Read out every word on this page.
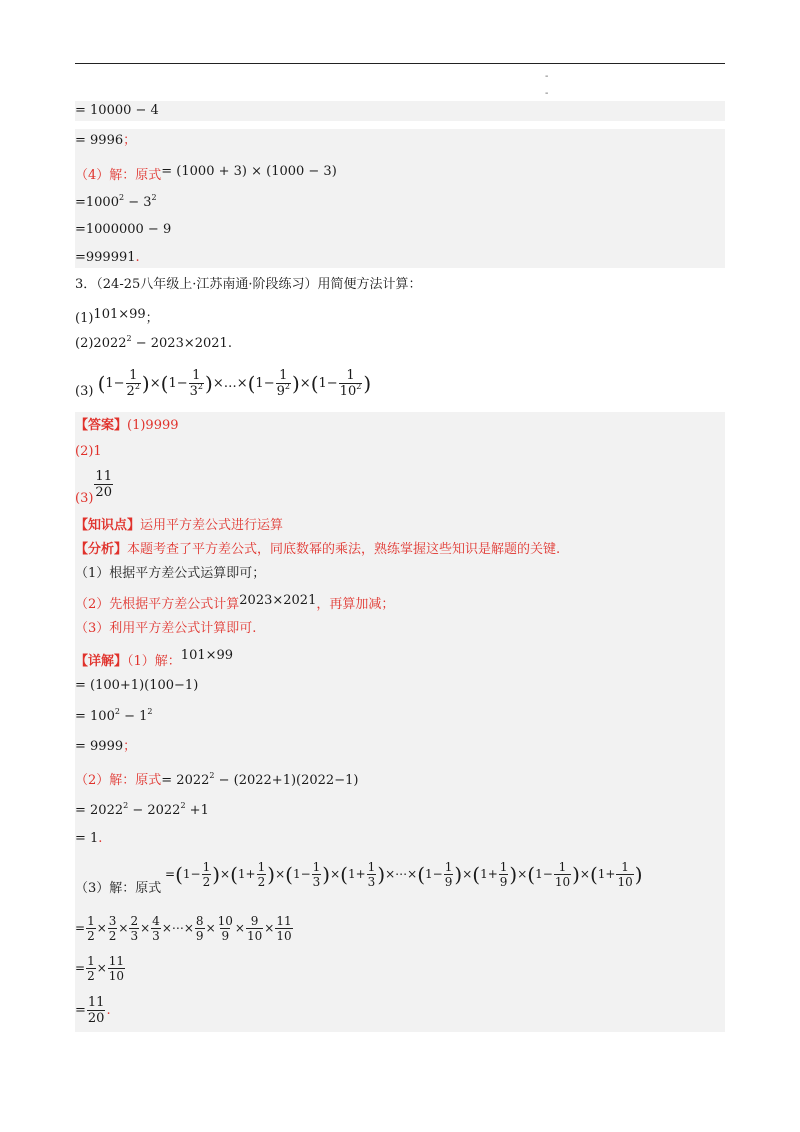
-
-
= 10000 − 4
= 9996；
（4）解：原式= (1000 + 3) × (1000 − 3)
$=1000^2 - 3^2$
=1000000 − 9
=999991.
3．（24-25八年级上·江苏南通·阶段练习）用简便方法计算：
(1)101×99；
$(2)2022^2 - 2023\times 2021$.
(3) $(1- \frac{1}{2^2} )\times(1- \frac{1}{3^2}$ )×…×(1− $\frac{1}{9^2} )\times(1- \frac{1}{10^2}$ )
【答案】(1)9999
(2)1
$(3) \frac{11}{20}$
【知识点】运用平方差公式进行运算
【分析】本题考查了平方差公式，同底数幂的乘法，熟练掌握这些知识是解题的关键.
（1）根据平方差公式运算即可；
（2）先根据平方差公式计算2023×2021，再算加减；
（3）利用平方差公式计算即可.
【详解】（1）解：101×99
= (100+1)(100−1)
= $100^2 - 1^2$
= 9999；
（2）解：原式= $2022^2 - (2022+1)(2022-1)$
= $2022^2 - 2022^2 +1$
= 1.
（3）解：原式
$=(1- \frac{1}{2} )\times(1+ \frac{1}{2} )\times(1- \frac{1}{3} )\times(1+ \frac{1}{3}$ )×⋯×(1− $\frac{1}{9} )\times(1+ \frac{1}{9} )\times(1- \frac{1}{10} )\times(1+ \frac{1}{10}$ )
= $\frac{1}{2} \times \frac{3}{2} \times \frac{2}{3} \times \frac{4}{3}$ ×⋯× $\frac{8}{9} \times \frac{10}{9} \times \frac{9}{10} \times \frac{11}{10}$
= $\frac{1}{2} \times \frac{11}{10}$
= $\frac{11}{20}$ .
